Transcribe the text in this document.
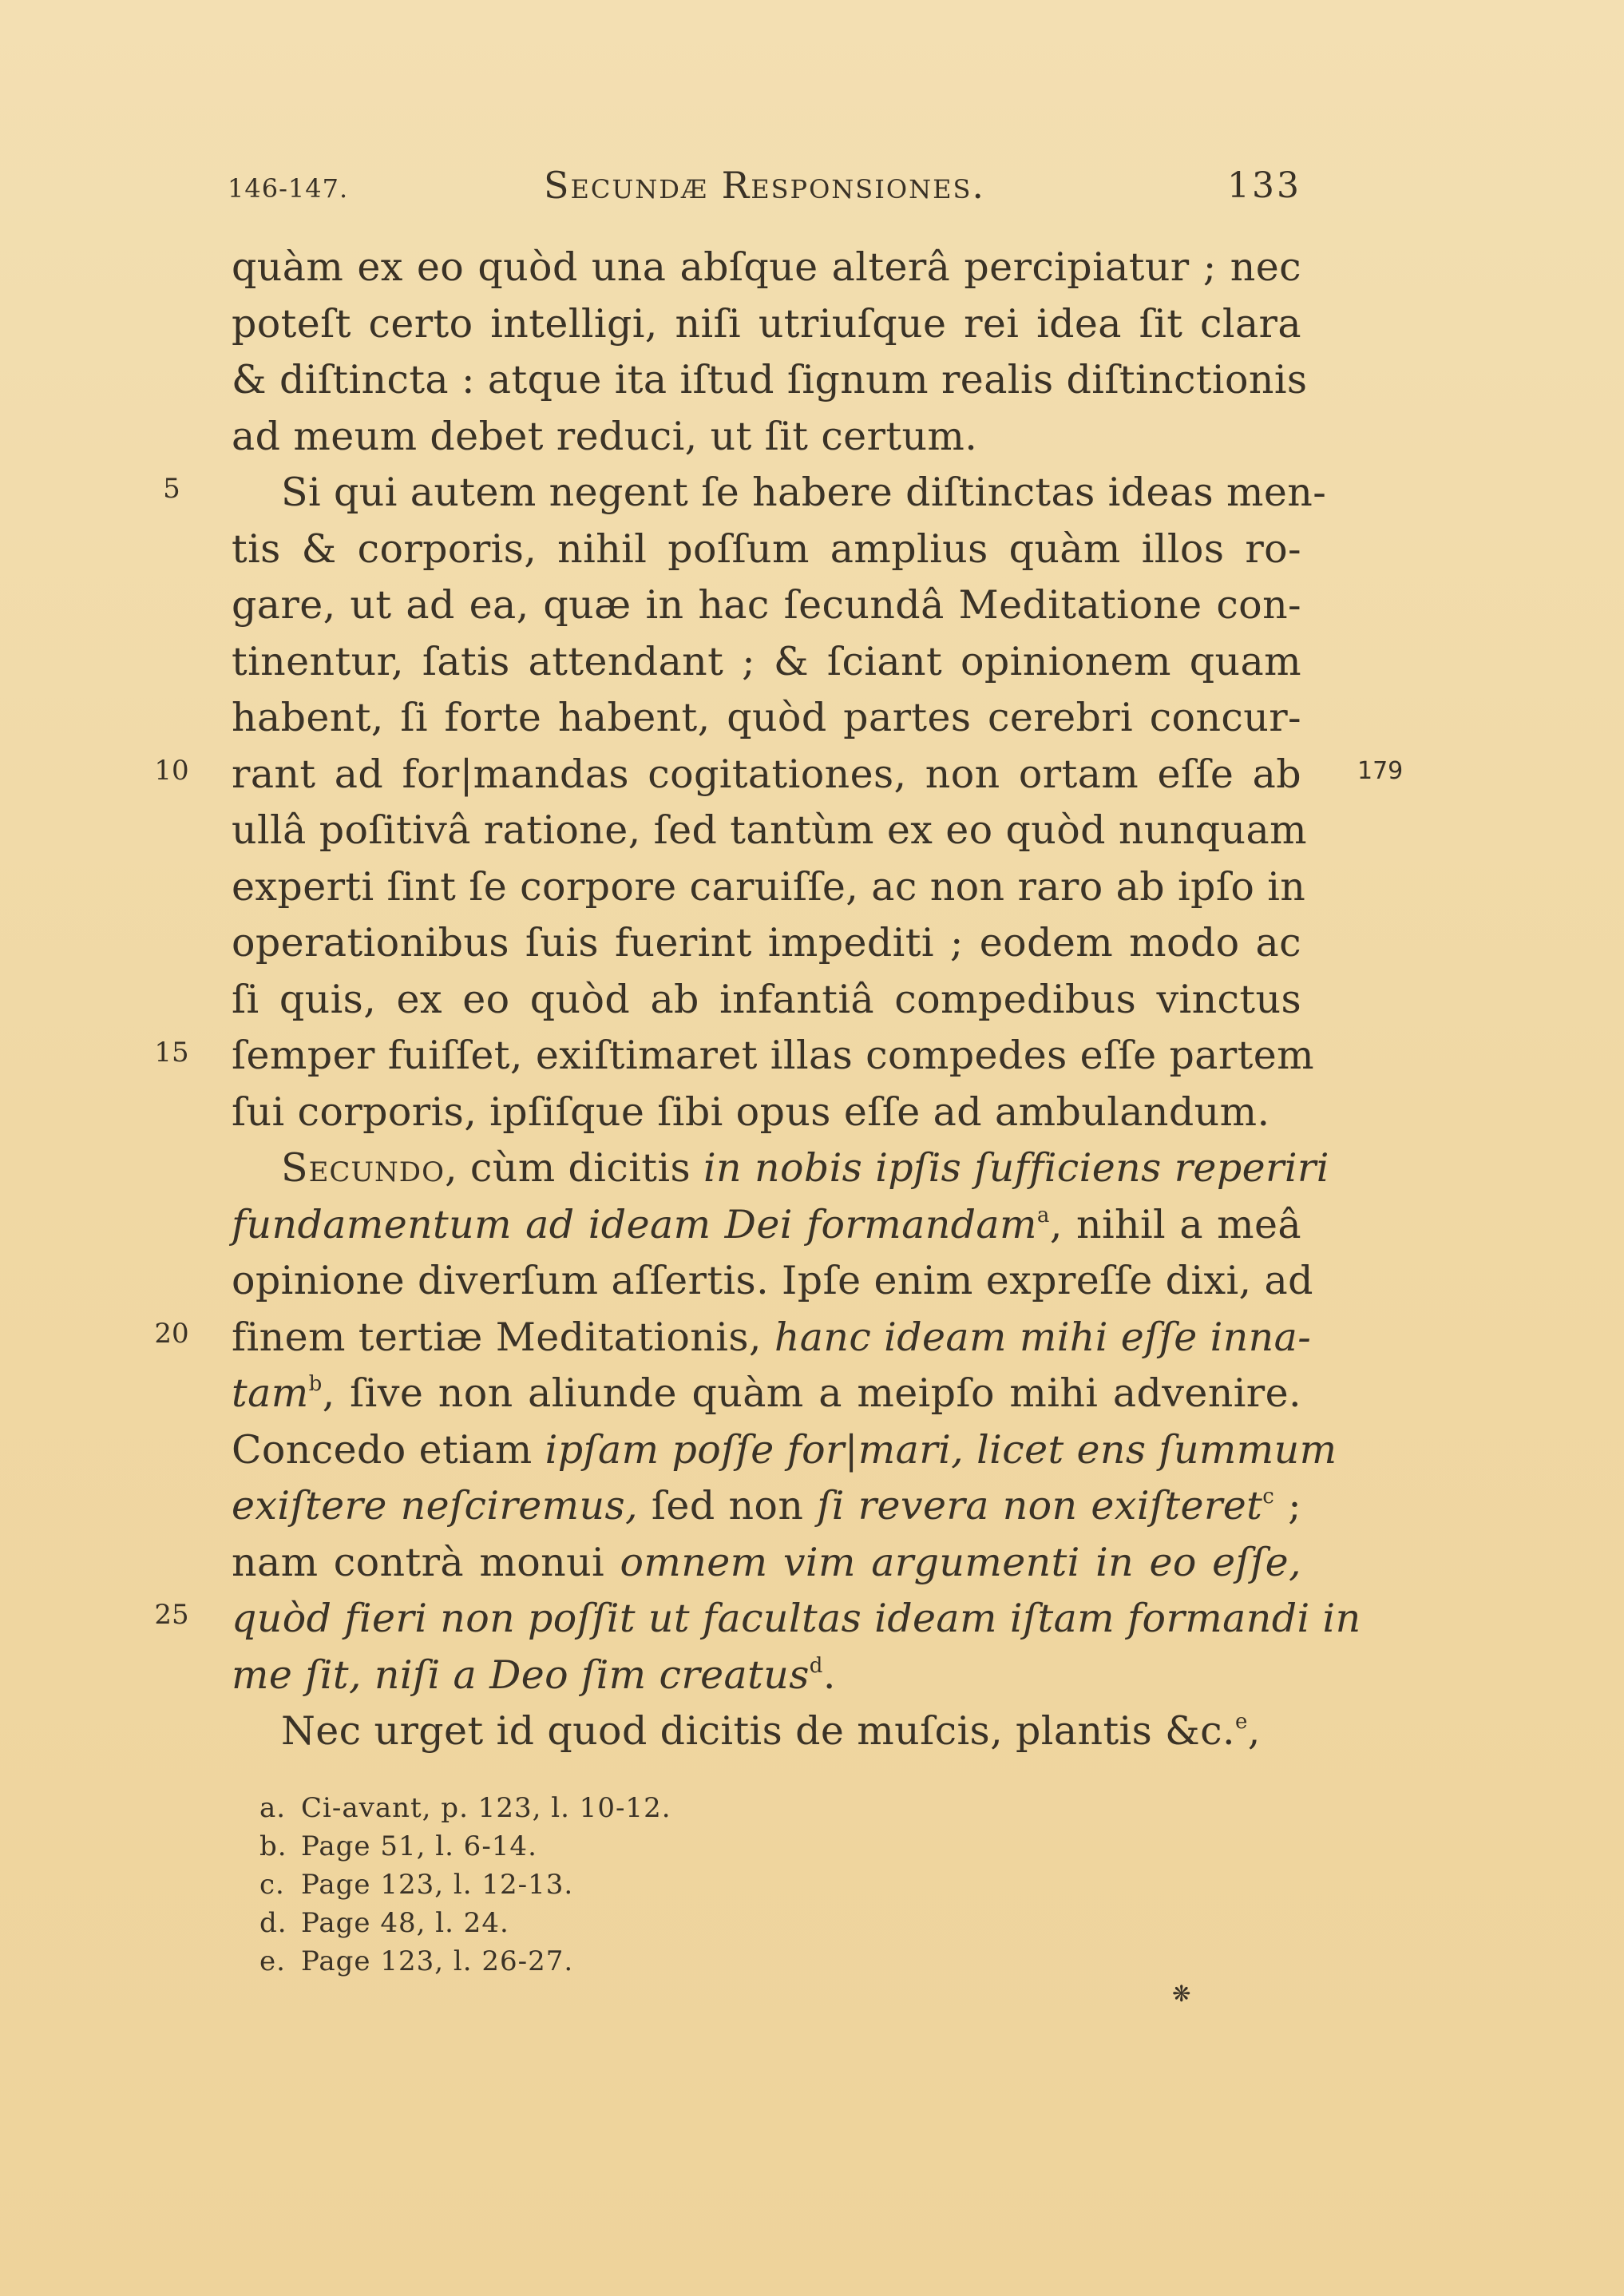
146-147.	Secundæ Responsiones.	133
quàm ex eo quòd una abſque alterâ percipiatur ; nec
poteſt certo intelligi, niſi utriuſque rei idea ſit clara
& diſtincta : atque ita iſtud ſignum realis diſtinctionis
ad meum debet reduci, ut ſit certum.
Si qui autem negent ſe habere diſtinctas ideas men-
tis & corporis, nihil poſſum amplius quàm illos ro-
gare, ut ad ea, quæ in hac ſecundâ Meditatione con-
tinentur, ſatis attendant ; & ſciant opinionem quam
habent, ſi forte habent, quòd partes cerebri concur-
rant ad for|mandas cogitationes, non ortam eſſe ab
ullâ poſitivâ ratione, ſed tantùm ex eo quòd nunquam
experti ſint ſe corpore caruiſſe, ac non raro ab ipſo in
operationibus ſuis fuerint impediti ; eodem modo ac
ſi quis, ex eo quòd ab infantiâ compedibus vinctus
ſemper fuiſſet, exiſtimaret illas compedes eſſe partem
ſui corporis, ipſiſque ſibi opus eſſe ad ambulandum.
Secundo, cùm dicitis in nobis ipſis ſufficiens reperiri
fundamentum ad ideam Dei formandam$^a$, nihil a meâ
opinione diverſum aſſertis. Ipſe enim expreſſe dixi, ad
finem tertiæ Meditationis, hanc ideam mihi eſſe inna-
tam$^b$, ſive non aliunde quàm a meipſo mihi advenire.
Concedo etiam ipſam poſſe for|mari, licet ens ſummum
exiſtere neſciremus, ſed non ſi revera non exiſteret$^c$ ;
nam contrà monui omnem vim argumenti in eo eſſe,
quòd fieri non poſſit ut facultas ideam iſtam formandi in
me ſit, niſi a Deo ſim creatus$^d$.
Nec urget id quod dicitis de muſcis, plantis &c.$^e$,
5
10
15
20
25
179
a. Ci-avant, p. 123, l. 10-12.
b. Page 51, l. 6-14.
c. Page 123, l. 12-13.
d. Page 48, l. 24.
e. Page 123, l. 26-27.
❋
